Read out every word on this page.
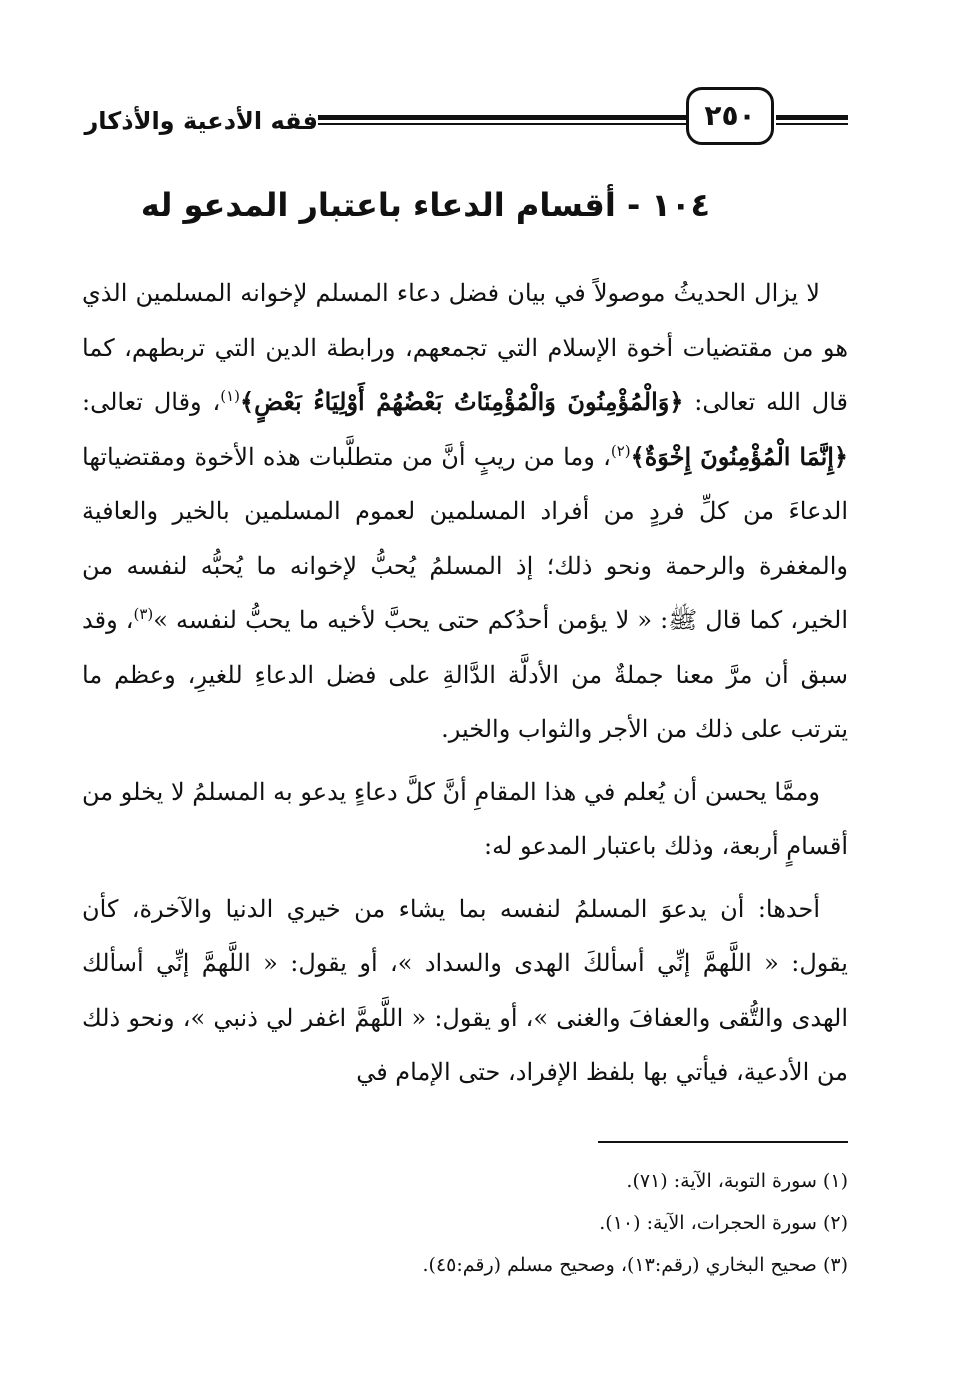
فقه الأدعية والأذكار	٢٥٠
١٠٤ - أقسام الدعاء باعتبار المدعو له

لا يزال الحديثُ موصولاً في بيان فضل دعاء المسلم لإخوانه المسلمين الذي هو من مقتضيات أخوة الإسلام التي تجمعهم، ورابطة الدين التي تربطهم، كما قال الله تعالى: ﴿وَالْمُؤْمِنُونَ وَالْمُؤْمِنَاتُ بَعْضُهُمْ أَوْلِيَاءُ بَعْضٍ﴾$^{(١)}$، وقال تعالى: ﴿إِنَّمَا الْمُؤْمِنُونَ إِخْوَةٌ﴾$^{(٢)}$، وما من ريبٍ أنَّ من متطلَّبات هذه الأخوة ومقتضياتها الدعاءَ من كلِّ فردٍ من أفراد المسلمين لعموم المسلمين بالخير والعافية والمغفرة والرحمة ونحو ذلك؛ إذ المسلمُ يُحبُّ لإخوانه ما يُحبُّه لنفسه من الخير، كما قال ﷺ: « لا يؤمن أحدُكم حتى يحبَّ لأخيه ما يحبُّ لنفسه »$^{(٣)}$، وقد سبق أن مرَّ معنا جملةٌ من الأدلَّة الدَّالةِ على فضل الدعاءِ للغيرِ، وعظم ما يترتب على ذلك من الأجر والثواب والخير.

وممَّا يحسن أن يُعلم في هذا المقامِ أنَّ كلَّ دعاءٍ يدعو به المسلمُ لا يخلو من أقسامٍ أربعة، وذلك باعتبار المدعو له:

أحدها: أن يدعوَ المسلمُ لنفسه بما يشاء من خيري الدنيا والآخرة، كأن يقول: « اللَّهمَّ إنِّي أسألكَ الهدى والسداد »، أو يقول: « اللَّهمَّ إنِّي أسألك الهدى والتُّقى والعفافَ والغنى »، أو يقول: « اللَّهمَّ اغفر لي ذنبي »، ونحو ذلك من الأدعية، فيأتي بها بلفظ الإفراد، حتى الإمام في

(١) سورة التوبة، الآية: (٧١).
(٢) سورة الحجرات، الآية: (١٠).
(٣) صحيح البخاري (رقم:١٣)، وصحيح مسلم (رقم:٤٥).
